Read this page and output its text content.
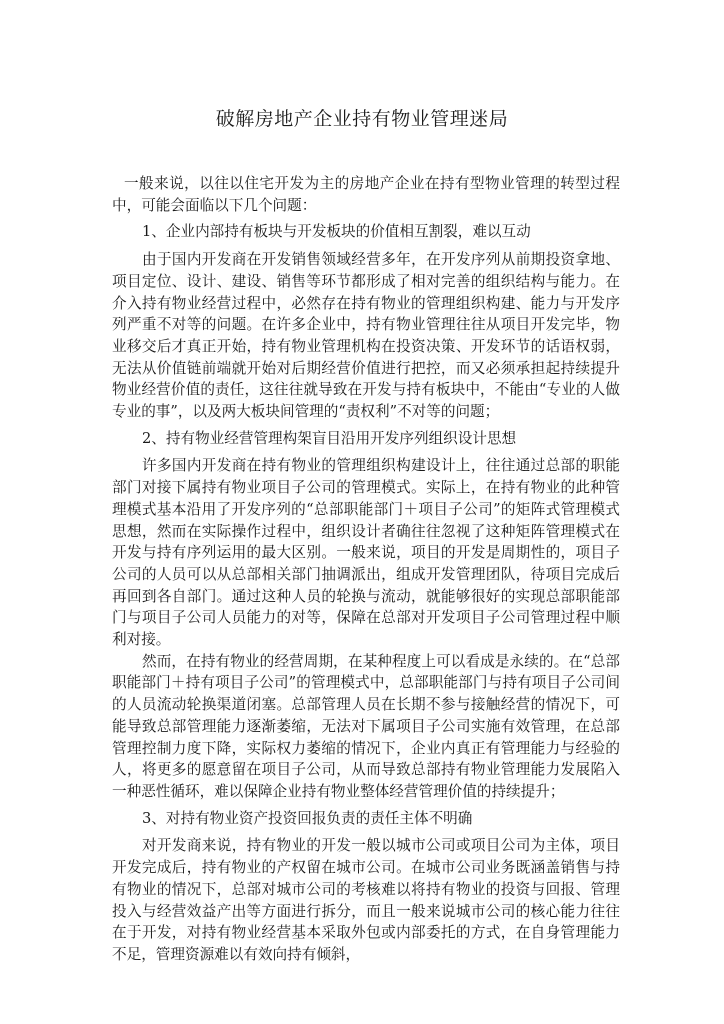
破解房地产企业持有物业管理迷局

一般来说，以往以住宅开发为主的房地产企业在持有型物业管理的转型过程中，可能会面临以下几个问题：

1、企业内部持有板块与开发板块的价值相互割裂，难以互动

由于国内开发商在开发销售领域经营多年，在开发序列从前期投资拿地、项目定位、设计、建设、销售等环节都形成了相对完善的组织结构与能力。在介入持有物业经营过程中，必然存在持有物业的管理组织构建、能力与开发序列严重不对等的问题。在许多企业中，持有物业管理往往从项目开发完毕，物业移交后才真正开始，持有物业管理机构在投资决策、开发环节的话语权弱，无法从价值链前端就开始对后期经营价值进行把控，而又必须承担起持续提升物业经营价值的责任，这往往就导致在开发与持有板块中，不能由“专业的人做专业的事”，以及两大板块间管理的“责权利”不对等的问题；

2、持有物业经营管理构架盲目沿用开发序列组织设计思想

许多国内开发商在持有物业的管理组织构建设计上，往往通过总部的职能部门对接下属持有物业项目子公司的管理模式。实际上，在持有物业的此种管理模式基本沿用了开发序列的“总部职能部门＋项目子公司”的矩阵式管理模式思想，然而在实际操作过程中，组织设计者确往往忽视了这种矩阵管理模式在开发与持有序列运用的最大区别。一般来说，项目的开发是周期性的，项目子公司的人员可以从总部相关部门抽调派出，组成开发管理团队，待项目完成后再回到各自部门。通过这种人员的轮换与流动，就能够很好的实现总部职能部门与项目子公司人员能力的对等，保障在总部对开发项目子公司管理过程中顺利对接。

然而，在持有物业的经营周期，在某种程度上可以看成是永续的。在“总部职能部门＋持有项目子公司”的管理模式中，总部职能部门与持有项目子公司间的人员流动轮换渠道闭塞。总部管理人员在长期不参与接触经营的情况下，可能导致总部管理能力逐渐萎缩，无法对下属项目子公司实施有效管理，在总部管理控制力度下降，实际权力萎缩的情况下，企业内真正有管理能力与经验的人，将更多的愿意留在项目子公司，从而导致总部持有物业管理能力发展陷入一种恶性循环，难以保障企业持有物业整体经营管理价值的持续提升；

3、对持有物业资产投资回报负责的责任主体不明确

对开发商来说，持有物业的开发一般以城市公司或项目公司为主体，项目开发完成后，持有物业的产权留在城市公司。在城市公司业务既涵盖销售与持有物业的情况下，总部对城市公司的考核难以将持有物业的投资与回报、管理投入与经营效益产出等方面进行拆分，而且一般来说城市公司的核心能力往往在于开发，对持有物业经营基本采取外包或内部委托的方式，在自身管理能力不足，管理资源难以有效向持有倾斜，
